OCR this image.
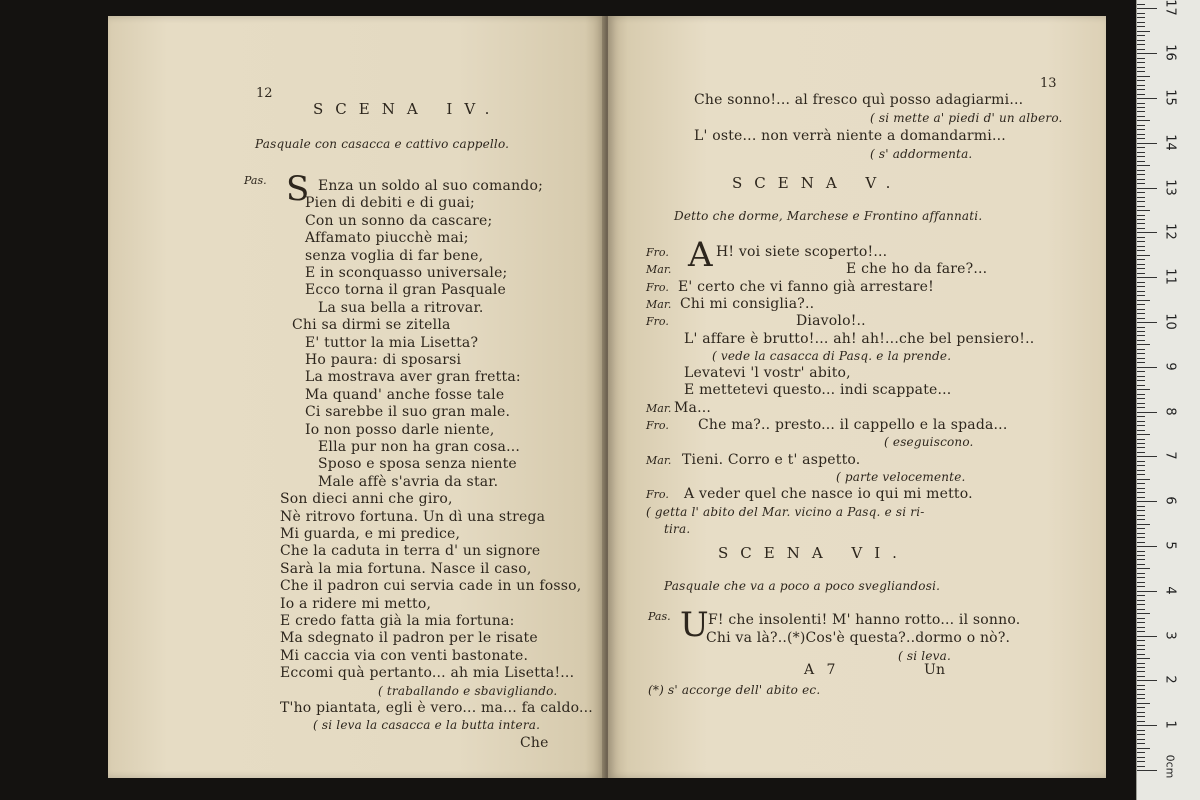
12
SCENA IV.
Pasquale con casacca e cattivo cappello.
Pas. S Enza un soldo al suo comando;
Pien di debiti e di guai;
Con un sonno da cascare;
Affamato piucchè mai;
senza voglia di far bene,
E in sconquasso universale;
Ecco torna il gran Pasquale
La sua bella a ritrovar.
Chi sa dirmi se zitella
E' tuttor la mia Lisetta?
Ho paura: di sposarsi
La mostrava aver gran fretta:
Ma quand' anche fosse tale
Ci sarebbe il suo gran male.
Io non posso darle niente,
Ella pur non ha gran cosa...
Sposo e sposa senza niente
Male affè s'avria da star.
Son dieci anni che giro,
Nè ritrovo fortuna. Un dì una strega
Mi guarda, e mi predice,
Che la caduta in terra d' un signore
Sarà la mia fortuna. Nasce il caso,
Che il padron cui servia cade in un fosso,
Io a ridere mi metto,
E credo fatta già la mia fortuna:
Ma sdegnato il padron per le risate
Mi caccia via con venti bastonate.
Eccomi quà pertanto... ah mia Lisetta!...
( traballando e sbavigliando.
T'ho piantata, egli è vero... ma... fa caldo...
( si leva la casacca e la butta intera.
Che
13
Che sonno!... al fresco quì posso adagiarmi...
( si mette a' piedi d' un albero.
L' oste... non verrà niente a domandarmi...
( s' addormenta.
SCENA V.
Detto che dorme, Marchese e Frontino affannati.
A
Fro.	H! voi siete scoperto!...
Mar.	E che ho da fare?...
Fro. E' certo che vi fanno già arrestare!
Mar. Chi mi consiglia?..
Fro.	Diavolo!..
L' affare è brutto!... ah! ah!...che bel pensiero!..
( vede la casacca di Pasq. e la prende.
Levatevi 'l vostr' abito,
E mettetevi questo... indi scappate...
Mar. Ma...
Fro. Che ma?.. presto... il cappello e la spada...
( eseguiscono.
Mar. Tieni. Corro e t' aspetto.
( parte velocemente.
Fro. A veder quel che nasce io qui mi metto.
( getta l' abito del Mar. vicino a Pasq. e si ri-
tira.
SCENA VI.
Pasquale che va a poco a poco svegliandosi.
Pas. U F! che insolenti! M' hanno rotto... il sonno.
Chi va là?..(*)Cos'è questa?..dormo o nò?.
( si leva.
A 7	Un
(*) s' accorge dell' abito ec.
1
2
3
4
5
6
7
8
9
10
11
12
13
14
15
16
17
0cm
